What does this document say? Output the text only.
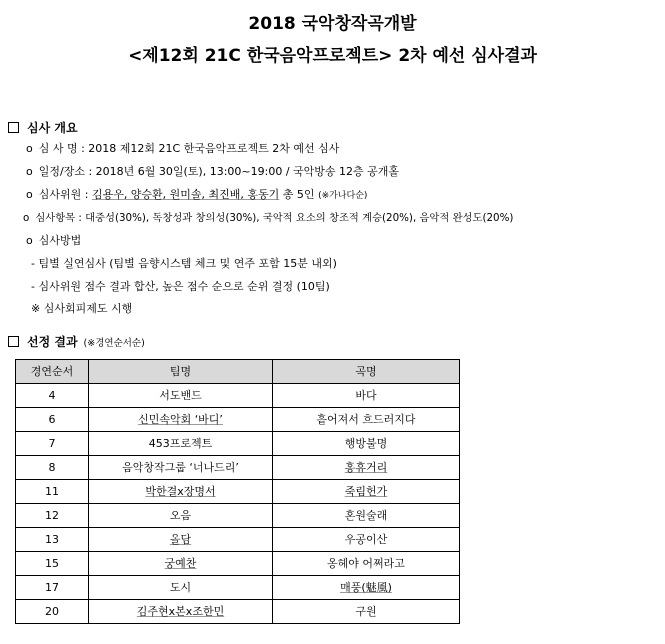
2018 국악창작곡개발
<제12회 21C 한국음악프로젝트> 2차 예선 심사결과
심사 개요
o 심 사 명 : 2018 제12회 21C 한국음악프로젝트 2차 예선 심사
o 일정/장소 : 2018년 6월 30일(토), 13:00~19:00 / 국악방송 12층 공개홀
o 심사위원 : 김용우, 양승환, 원미솔, 최진배, 홍동기 총 5인 (※가나다순)
o 심사항목 : 대중성(30%), 독창성과 창의성(30%), 국악적 요소의 창조적 계승(20%), 음악적 완성도(20%)
o 심사방법
- 팀별 실연심사 (팀별 음향시스템 체크 및 연주 포함 15분 내외)
- 심사위원 점수 결과 합산, 높은 점수 순으로 순위 결정 (10팀)
※ 심사회피제도 시행
선정 결과 (※경연순서순)
경연순서	팀명	곡명
4	서도밴드	바다
6	신민속악회 ‘바디’	흩어져서 흐드러지다
7	453프로젝트	행방불명
8	음악창작그룹 ‘너나드리’	홍휴거리
11	박한결x장명서	죽림헌가
12	오음	혼원술래
13	올담	우공이산
15	궁예찬	옹헤야 어쩌라고
17	도시	매풍(魅風)
20	김주현x본x조한민	구원
